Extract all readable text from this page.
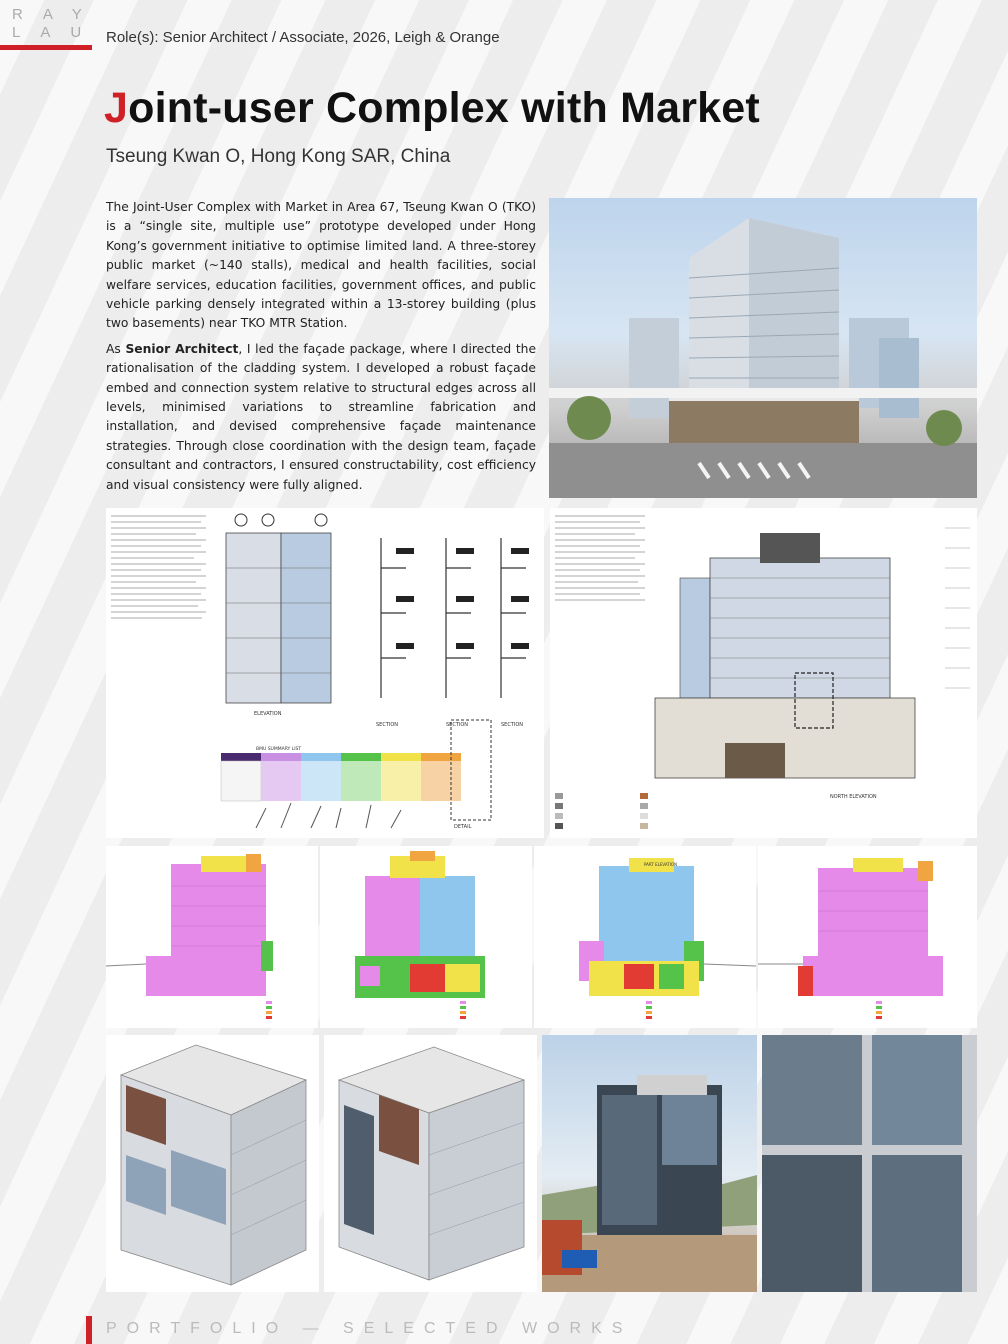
RAY
LAU Role(s): Senior Architect / Associate, 2026, Leigh & Orange
Joint-user Complex with Market
Tseung Kwan O, Hong Kong SAR, China

The Joint-User Complex with Market in Area 67, Tseung Kwan O (TKO) is a “single site, multiple use” prototype developed under Hong Kong’s government initiative to optimise limited land. A three-storey public market (~140 stalls), medical and health facilities, social welfare services, education facilities, government offices, and public vehicle parking densely integrated within a 13-storey building (plus two basements) near TKO MTR Station.

As Senior Architect, I led the façade package, where I directed the rationalisation of the cladding system. I developed a robust façade embed and connection system relative to structural edges across all levels, minimised variations to streamline fabrication and installation, and devised comprehensive façade maintenance strategies. Through close coordination with the design team, façade consultant and contractors, I ensured constructability, cost efficiency and visual consistency were fully aligned.

ELEVATION
SECTION	SECTION	SECTION
BMU SUMMARY LIST
DETAIL
NORTH ELEVATION
PART ELEVATION
PORTFOLIO — SELECTED WORKS
